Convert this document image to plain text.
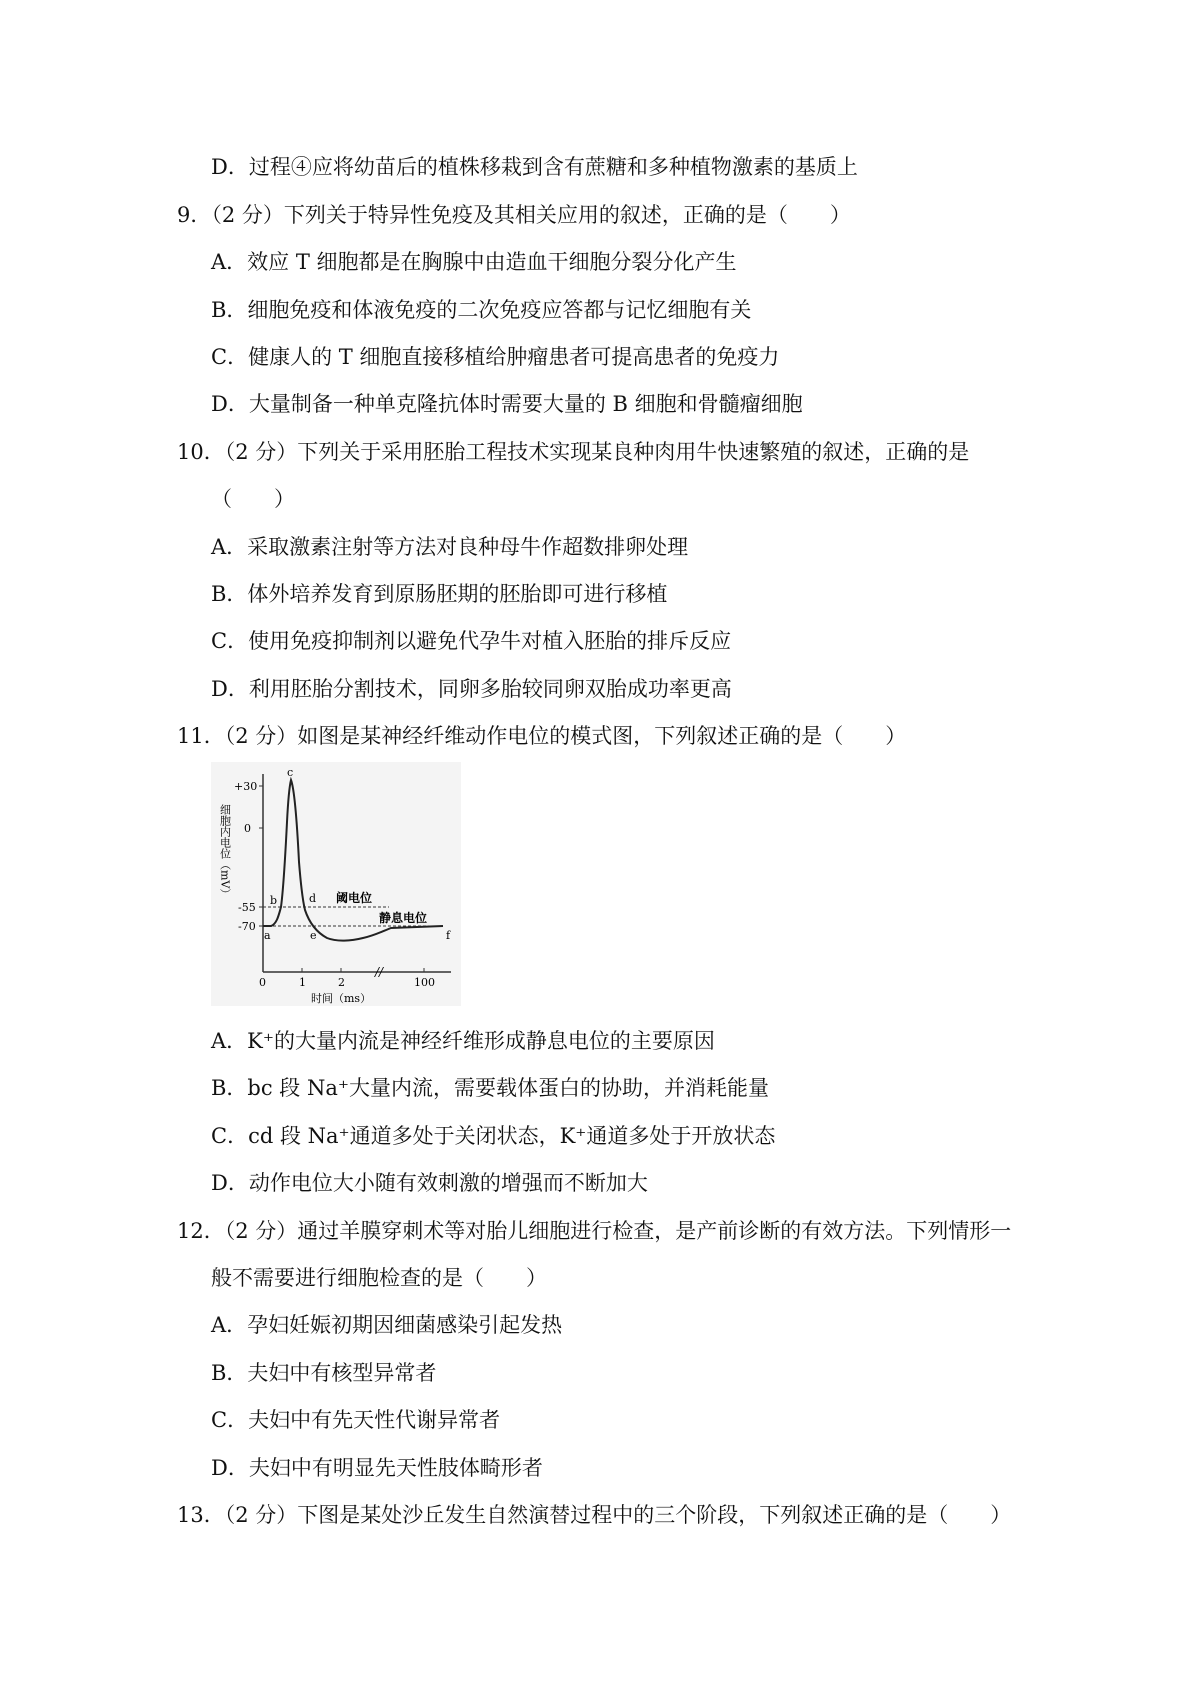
D．过程④应将幼苗后的植株移栽到含有蔗糖和多种植物激素的基质上
9．（2 分）下列关于特异性免疫及其相关应用的叙述，正确的是（　　）
A．效应 T 细胞都是在胸腺中由造血干细胞分裂分化产生
B．细胞免疫和体液免疫的二次免疫应答都与记忆细胞有关
C．健康人的 T 细胞直接移植给肿瘤患者可提高患者的免疫力
D．大量制备一种单克隆抗体时需要大量的 B 细胞和骨髓瘤细胞
10．（2 分）下列关于采用胚胎工程技术实现某良种肉用牛快速繁殖的叙述，正确的是
（　　）
A．采取激素注射等方法对良种母牛作超数排卵处理
B．体外培养发育到原肠胚期的胚胎即可进行移植
C．使用免疫抑制剂以避免代孕牛对植入胚胎的排斥反应
D．利用胚胎分割技术，同卵多胎较同卵双胎成功率更高
11．（2 分）如图是某神经纤维动作电位的模式图，下列叙述正确的是（　　）
A．K⁺的大量内流是神经纤维形成静息电位的主要原因
B．bc 段 Na⁺大量内流，需要载体蛋白的协助，并消耗能量
C．cd 段 Na⁺通道多处于关闭状态，K⁺通道多处于开放状态
D．动作电位大小随有效刺激的增强而不断加大
12．（2 分）通过羊膜穿刺术等对胎儿细胞进行检查，是产前诊断的有效方法。下列情形一
般不需要进行细胞检查的是（　　）
A．孕妇妊娠初期因细菌感染引起发热
B．夫妇中有核型异常者
C．夫妇中有先天性代谢异常者
D．夫妇中有明显先天性肢体畸形者
13．（2 分）下图是某处沙丘发生自然演替过程中的三个阶段，下列叙述正确的是（　　）
+30
0
-55
-70
细胞内电位（mV）
0	1	2	100
时间（ms）
//
阈电位
静息电位
a
b
c
d
e	f
